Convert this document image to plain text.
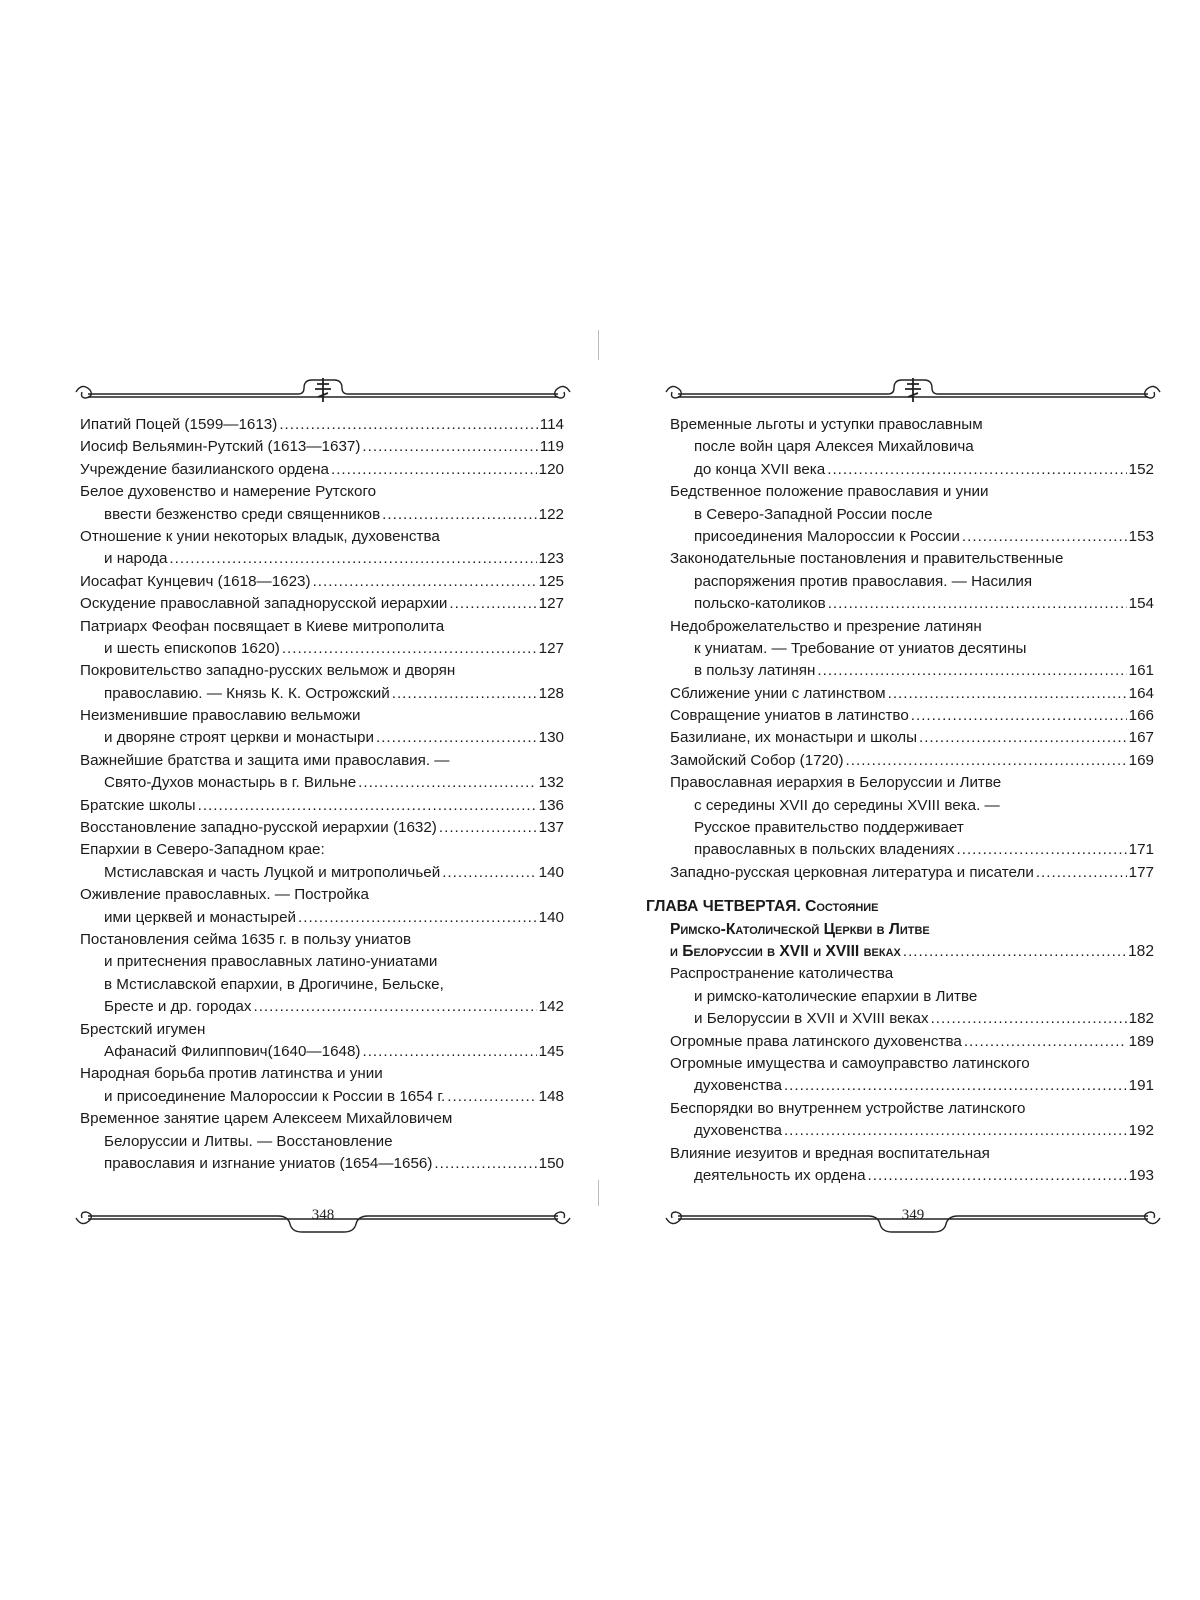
Ипатий Поцей (1599—1613) .....	114
Иосиф Вельямин-Рутский (1613—1637) .....	119
Учреждение базилианского ордена .....	120
Белое духовенство и намерение Рутского
ввести безженство среди священников .....	122
Отношение к унии некоторых владык, духовенства
и народа .....	123
Иосафат Кунцевич (1618—1623) .....	125
Оскудение православной западнорусской иерархии .....	127
Патриарх Феофан посвящает в Киеве митрополита
и шесть епископов 1620) .....	127
Покровительство западно-русских вельмож и дворян
православию. — Князь К. К. Острожский .....	128
Неизменившие православию вельможи
и дворяне строят церкви и монастыри .....	130
Важнейшие братства и защита ими православия. —
Свято-Духов монастырь в г. Вильне .....	132
Братские школы .....	136
Восстановление западно-русской иерархии (1632) .....	137
Епархии в Северо-Западном крае:
Мстиславская и часть Луцкой и митрополичьей .....	140
Оживление православных. — Постройка
ими церквей и монастырей .....	140
Постановления сейма 1635 г. в пользу униатов
и притеснения православных латино-униатами
в Мстиславской епархии, в Дрогичине, Бельске,
Бресте и др. городах .....	142
Брестский игумен
Афанасий Филиппович(1640—1648) .....	145
Народная борьба против латинства и унии
и присоединение Малороссии к России в 1654 г. .....	148
Временное занятие царем Алексеем Михайловичем
Белоруссии и Литвы. — Восстановление
православия и изгнание униатов (1654—1656) .....	150
348
Временные льготы и уступки православным
после войн царя Алексея Михайловича
до конца XVII века .....	152
Бедственное положение православия и унии
в Северо-Западной России после
присоединения Малороссии к России .....	153
Законодательные постановления и правительственные
распоряжения против православия. — Насилия
польско-католиков .....	154
Недоброжелательство и презрение латинян
к униатам. — Требование от униатов десятины
в пользу латинян .....	161
Сближение унии с латинством .....	164
Совращение униатов в латинство .....	166
Базилиане, их монастыри и школы .....	167
Замойский Собор (1720) .....	169
Православная иерархия в Белоруссии и Литве
с середины XVII до середины XVIII века. —
Русское правительство поддерживает
православных в польских владениях .....	171
Западно-русская церковная литература и писатели .....	177
ГЛАВА ЧЕТВЕРТАЯ.
Состояние
Римско-Католической Церкви в Литве
и Белоруссии в XVII и XVIII веках .....	182
Распространение католичества
и римско-католические епархии в Литве
и Белоруссии в XVII и XVIII веках .....	182
Огромные права латинского духовенства .....	189
Огромные имущества и самоуправство латинского
духовенства .....	191
Беспорядки во внутреннем устройстве латинского
духовенства .....	192
Влияние иезуитов и вредная воспитательная
деятельность их ордена .....	193
349
